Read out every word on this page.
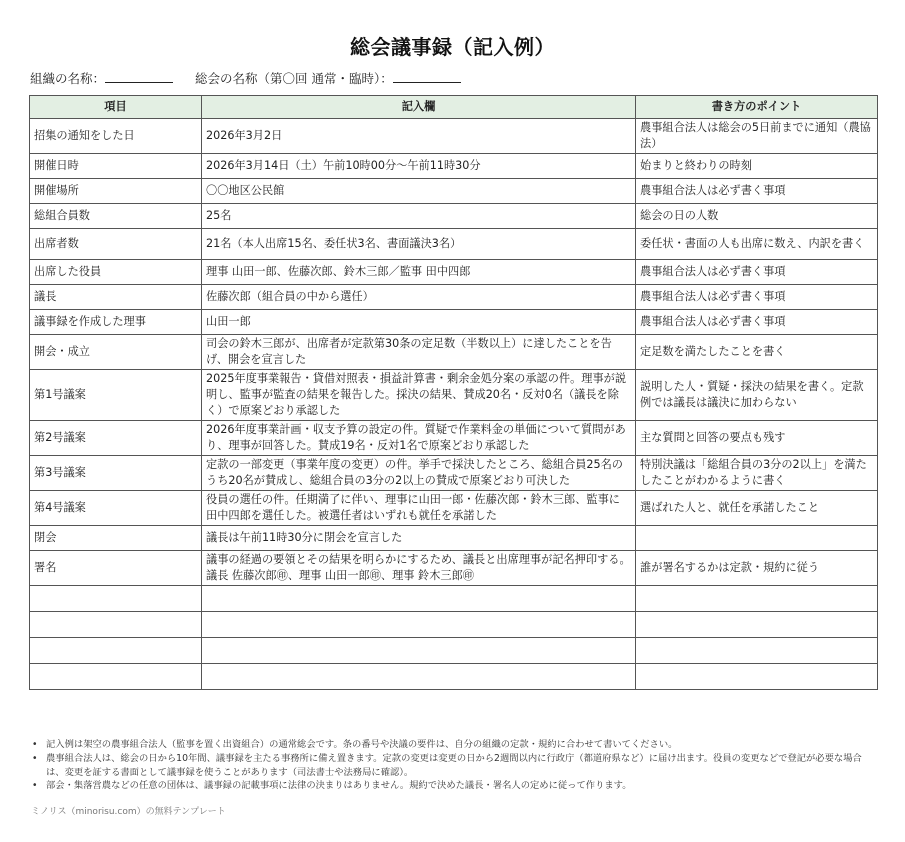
総会議事録（記入例）
組織の名称：	総会の名称（第〇回 通常・臨時）：
項目	記入欄	書き方のポイント
招集の通知をした日	2026年3月2日	農事組合法人は総会の5日前までに通知（農協法）
開催日時	2026年3月14日（土）午前10時00分〜午前11時30分	始まりと終わりの時刻
開催場所	〇〇地区公民館	農事組合法人は必ず書く事項
総組合員数	25名	総会の日の人数
出席者数	21名（本人出席15名、委任状3名、書面議決3名）	委任状・書面の人も出席に数え、内訳を書く
出席した役員	理事 山田一郎、佐藤次郎、鈴木三郎／監事 田中四郎	農事組合法人は必ず書く事項
議長	佐藤次郎（組合員の中から選任）	農事組合法人は必ず書く事項
議事録を作成した理事	山田一郎	農事組合法人は必ず書く事項
開会・成立	司会の鈴木三郎が、出席者が定款第30条の定足数（半数以上）に達したことを告げ、開会を宣言した	定足数を満たしたことを書く
第1号議案	2025年度事業報告・貸借対照表・損益計算書・剰余金処分案の承認の件。理事が説明し、監事が監査の結果を報告した。採決の結果、賛成20名・反対0名（議長を除く）で原案どおり承認した	説明した人・質疑・採決の結果を書く。定款例では議長は議決に加わらない
第2号議案	2026年度事業計画・収支予算の設定の件。質疑で作業料金の単価について質問があり、理事が回答した。賛成19名・反対1名で原案どおり承認した	主な質問と回答の要点も残す
第3号議案	定款の一部変更（事業年度の変更）の件。挙手で採決したところ、総組合員25名のうち20名が賛成し、総組合員の3分の2以上の賛成で原案どおり可決した	特別決議は「総組合員の3分の2以上」を満たしたことがわかるように書く
第4号議案	役員の選任の件。任期満了に伴い、理事に山田一郎・佐藤次郎・鈴木三郎、監事に田中四郎を選任した。被選任者はいずれも就任を承諾した	選ばれた人と、就任を承諾したこと
閉会	議長は午前11時30分に閉会を宣言した	
署名	議事の経過の要領とその結果を明らかにするため、議長と出席理事が記名押印する。議長 佐藤次郎㊞、理事 山田一郎㊞、理事 鈴木三郎㊞	誰が署名するかは定款・規約に従う

• 記入例は架空の農事組合法人（監事を置く出資組合）の通常総会です。条の番号や決議の要件は、自分の組織の定款・規約に合わせて書いてください。
• 農事組合法人は、総会の日から10年間、議事録を主たる事務所に備え置きます。定款の変更は変更の日から2週間以内に行政庁（都道府県など）に届け出ます。役員の変更などで登記が必要な場合は、変更を証する書面として議事録を使うことがあります（司法書士や法務局に確認）。
• 部会・集落営農などの任意の団体は、議事録の記載事項に法律の決まりはありません。規約で決めた議長・署名人の定めに従って作ります。
ミノリス（minorisu.com）の無料テンプレート
